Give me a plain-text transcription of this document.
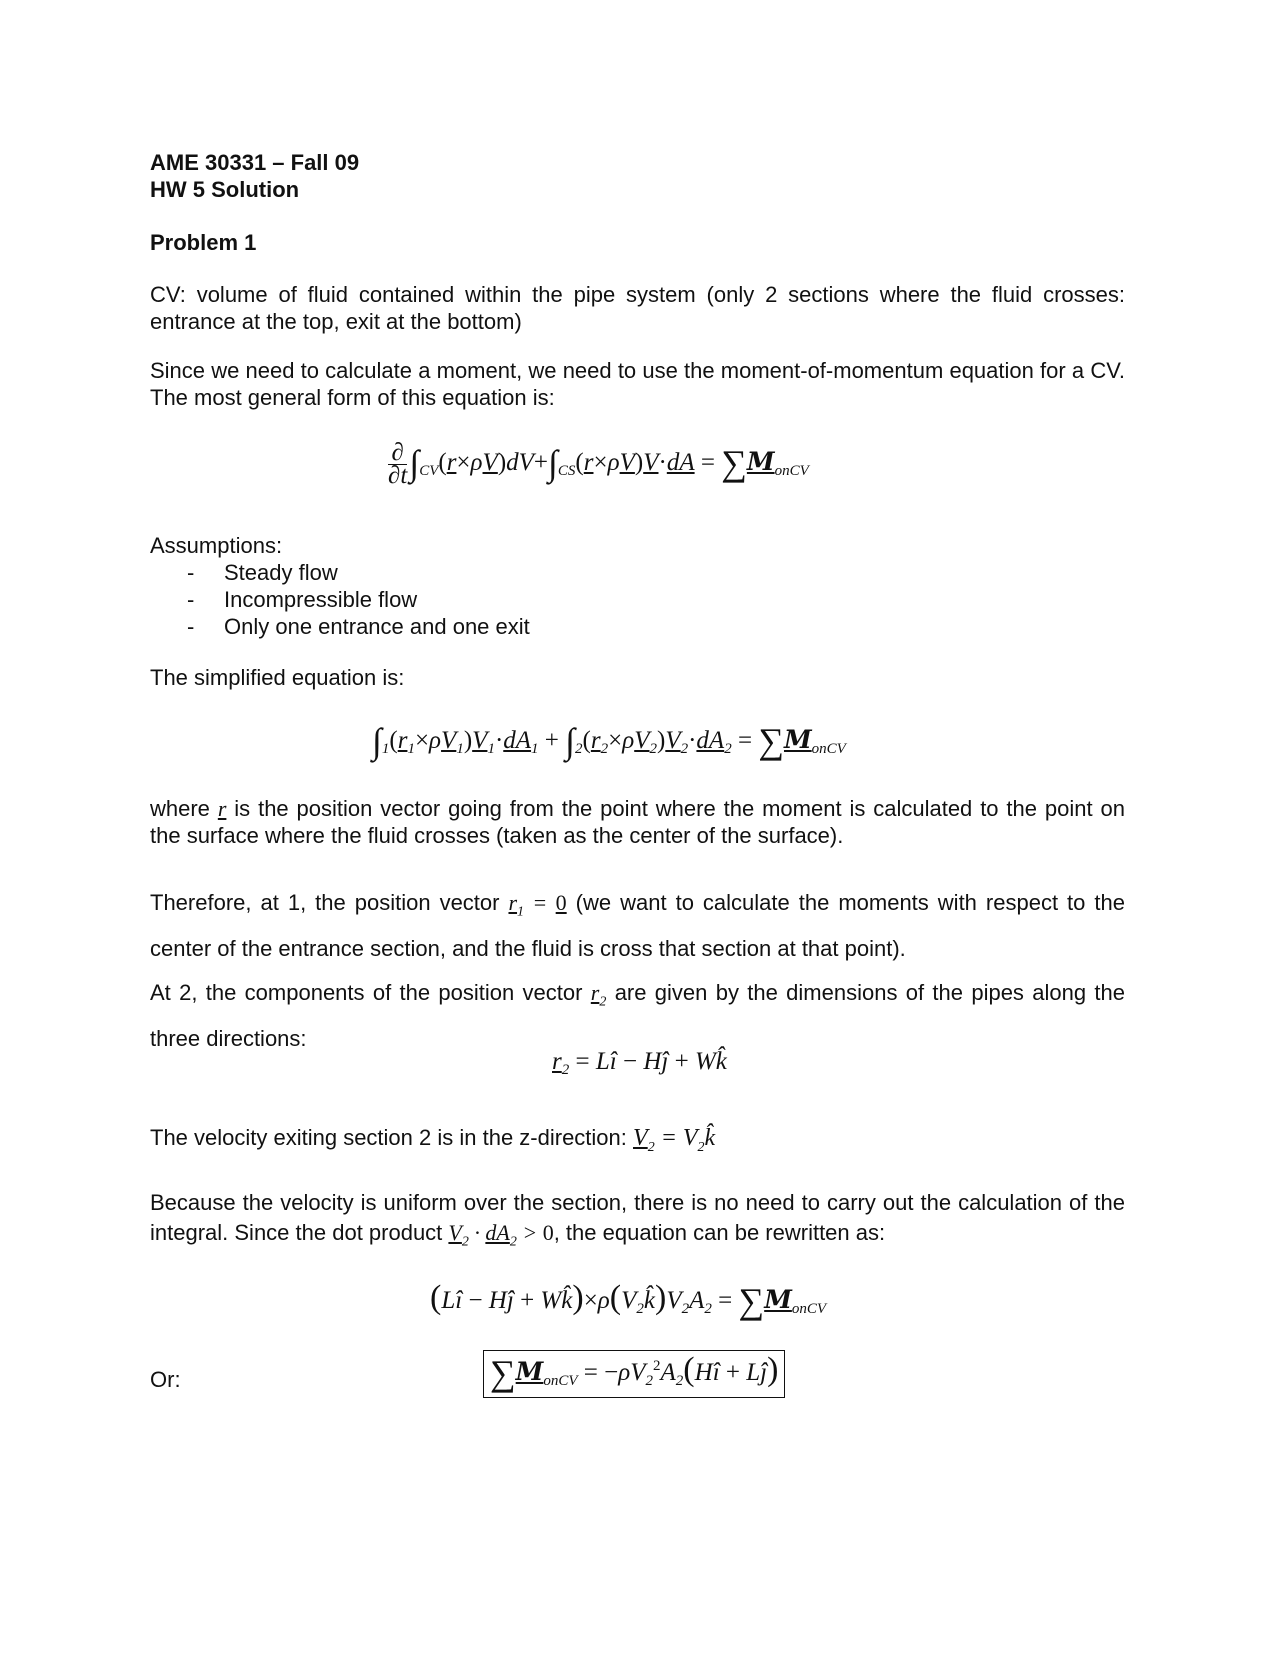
AME 30331 – Fall 09
HW 5 Solution
Problem 1

CV: volume of fluid contained within the pipe system (only 2 sections where the fluid crosses: entrance at the top, exit at the bottom)

Since we need to calculate a moment, we need to use the moment-of-momentum equation for a CV. The most general form of this equation is:

$\frac{\partial}{\partial t} \int_{CV}(r\times\rho V)dV+\int_{CS}(r\times\rho V)V\cdot dA = \sum M_{onCV}$
Assumptions:
- Steady flow
- Incompressible flow
- Only one entrance and one exit
The simplified equation is:
$\int_1(r_1\times\rho V_1)V_1\cdot dA_1 + \int_2(r_2\times\rho V_2)V_2\cdot dA_2 = \sum M_{onCV}$

where r is the position vector going from the point where the moment is calculated to the point on the surface where the fluid crosses (taken as the center of the surface).

Therefore, at 1, the position vector $r_1 = 0$ (we want to calculate the moments with respect to the center of the entrance section, and the fluid is cross that section at that point).

At 2, the components of the position vector $r_2$ are given by the dimensions of the pipes along the three directions:

$r_2$ = Lî − Hĵ + Wk̂
The velocity exiting section 2 is in the z-direction: $V_2$ = $V_2k̂$

Because the velocity is uniform over the section, there is no need to carry out the calculation of the integral. Since the dot product $V_2 \cdot dA_2 > 0$, the equation can be rewritten as:

(Lî − Hĵ + $Wk̂)\times\rho(V_2k̂)V_2A_2 = \sum M_{onCV}$
Or:	$\sum M_{onCV}$ = $-\rho V_2^2A_2(Hî$ + Lĵ)
